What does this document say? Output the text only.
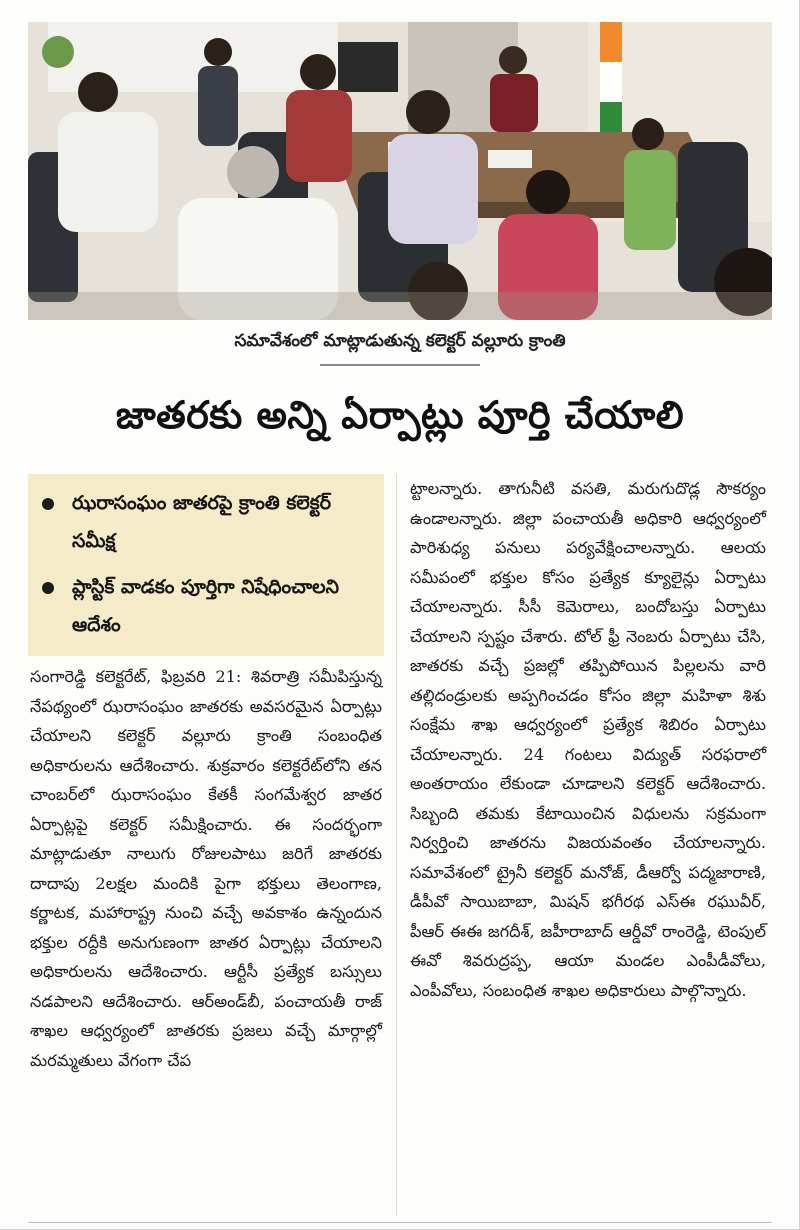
సమావేశంలో మాట్లాడుతున్న కలెక్టర్‌ వల్లూరు క్రాంతి
జాతరకు అన్ని ఏర్పాట్లు పూర్తి చేయాలి
ఝరాసంఘం జాతరపై క్రాంతి కలెక్టర్‌ సమీక్ష
ప్లాస్టిక్‌ వాడకం పూర్తిగా నిషేధించాలని ఆదేశం

సంగారెడ్డి కలెక్టరేట్‌, ఫిబ్రవరి 21: శివరాత్రి సమీపిస్తున్న నేపథ్యంలో ఝరాసంఘం జాతరకు అవసరమైన ఏర్పాట్లు చేయాలని కలెక్టర్‌ వల్లూరు క్రాంతి సంబంధిత అధికారులను ఆదేశించారు. శుక్రవారం కలెక్టరేట్‌లోని తన చాంబర్‌లో ఝరాసంఘం కేతకీ సంగమేశ్వర జాతర ఏర్పాట్లపై కలెక్టర్‌ సమీక్షించారు. ఈ సందర్భంగా మాట్లాడుతూ నాలుగు రోజులపాటు జరిగే జాతరకు దాదాపు 2లక్షల మందికి పైగా భక్తులు తెలంగాణ, కర్ణాటక, మహారాష్ట్ర నుంచి వచ్చే అవకాశం ఉన్నందున భక్తుల రద్దీకి అనుగుణంగా జాతర ఏర్పాట్లు చేయాలని అధికారులను ఆదేశించారు. ఆర్టీసీ ప్రత్యేక బస్సులు నడపాలని ఆదేశించారు. ఆర్‌అండ్‌బీ, పంచాయతీ రాజ్‌ శాఖల ఆధ్వర్యంలో జాతరకు ప్రజలు వచ్చే మార్గాల్లో మరమ్మతులు వేగంగా చేప

ట్టాలన్నారు. తాగునీటి వసతి, మరుగుదొడ్ల సౌకర్యం ఉండాలన్నారు. జిల్లా పంచాయతీ అధికారి ఆధ్వర్యంలో పారిశుధ్య పనులు పర్యవేక్షించాలన్నారు. ఆలయ సమీపంలో భక్తుల కోసం ప్రత్యేక క్యూలైన్లు ఏర్పాటు చేయాలన్నారు. సీసీ కెమెరాలు, బందోబస్తు ఏర్పాటు చేయాలని స్పష్టం చేశారు. టోల్‌ ఫ్రీ నెంబరు ఏర్పాటు చేసి, జాతరకు వచ్చే ప్రజల్లో తప్పిపోయిన పిల్లలను వారి తల్లిదండ్రులకు అప్పగించడం కోసం జిల్లా మహిళా శిశు సంక్షేమ శాఖ ఆధ్వర్యంలో ప్రత్యేక శిబిరం ఏర్పాటు చేయాలన్నారు. 24 గంటలు విద్యుత్‌ సరఫరాలో అంతరాయం లేకుండా చూడాలని కలెక్టర్‌ ఆదేశించారు. సిబ్బంది తమకు కేటాయించిన విధులను సక్రమంగా నిర్వర్తించి జాతరను విజయవంతం చేయాలన్నారు. సమావేశంలో ట్రైనీ కలెక్టర్‌ మనోజ్‌, డీఆర్వో పద్మజారాణి, డీపీవో సాయిబాబా, మిషన్‌ భగీరథ ఎస్‌ఈ రఘువీర్‌, పీఆర్‌ ఈఈ జగదీశ్‌, జహీరాబాద్‌ ఆర్డీవో రాంరెడ్డి, టెంపుల్‌ ఈవో శివరుద్రప్ప, ఆయా మండల ఎంపీడీవోలు, ఎంపీవోలు, సంబంధిత శాఖల అధికారులు పాల్గొన్నారు.
